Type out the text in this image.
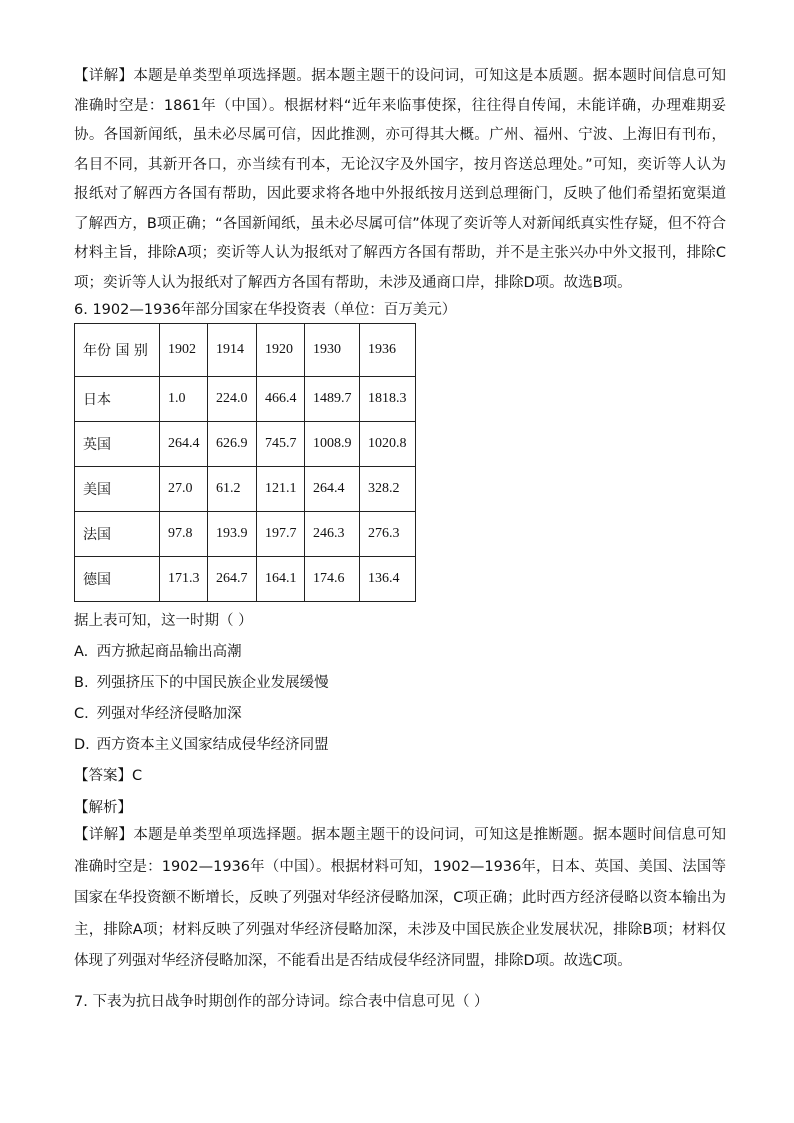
【详解】本题是单类型单项选择题。据本题主题干的设问词，可知这是本质题。据本题时间信息可知准确时空是：1861年（中国）。根据材料“近年来临事使探，往往得自传闻，未能详确，办理难期妥协。各国新闻纸，虽未必尽属可信，因此推测，亦可得其大概。广州、福州、宁波、上海旧有刊布，名目不同，其新开各口，亦当续有刊本，无论汉字及外国字，按月咨送总理处。”可知，奕䜣等人认为报纸对了解西方各国有帮助，因此要求将各地中外报纸按月送到总理衙门，反映了他们希望拓宽渠道了解西方，B项正确；“各国新闻纸，虽未必尽属可信”体现了奕䜣等人对新闻纸真实性存疑，但不符合材料主旨，排除A项；奕䜣等人认为报纸对了解西方各国有帮助，并不是主张兴办中外文报刊，排除C项；奕䜣等人认为报纸对了解西方各国有帮助，未涉及通商口岸，排除D项。故选B项。

6. 1902—1936年部分国家在华投资表（单位：百万美元）
年份 国 别	1902	1914	1920	1930	1936
日本	1.0	224.0	466.4	1489.7	1818.3
英国	264.4	626.9	745.7	1008.9	1020.8
美国	27.0	61.2	121.1	264.4	328.2
法国	97.8	193.9	197.7	246.3	276.3
德国	171.3	264.7	164.1	174.6	136.4
据上表可知，这一时期（ ）
A. 西方掀起商品输出高潮
B. 列强挤压下的中国民族企业发展缓慢
C. 列强对华经济侵略加深
D. 西方资本主义国家结成侵华经济同盟
【答案】C
【解析】

【详解】本题是单类型单项选择题。据本题主题干的设问词，可知这是推断题。据本题时间信息可知准确时空是：1902—1936年（中国）。根据材料可知，1902—1936年，日本、英国、美国、法国等国家在华投资额不断增长，反映了列强对华经济侵略加深，C项正确；此时西方经济侵略以资本输出为主，排除A项；材料反映了列强对华经济侵略加深，未涉及中国民族企业发展状况，排除B项；材料仅体现了列强对华经济侵略加深，不能看出是否结成侵华经济同盟，排除D项。故选C项。

7. 下表为抗日战争时期创作的部分诗词。综合表中信息可见（ ）
